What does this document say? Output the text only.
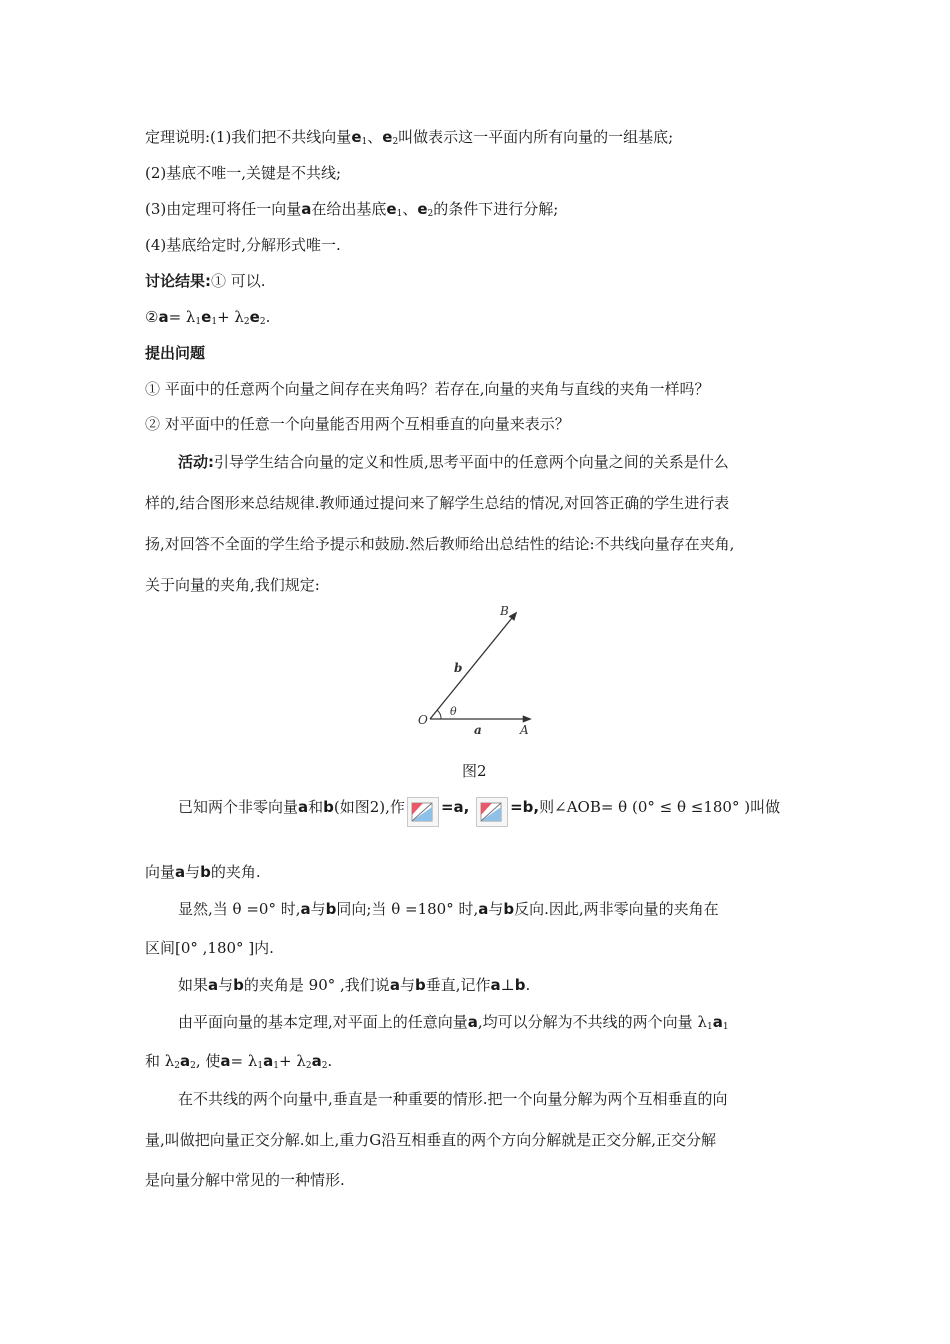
定理说明:(1)我们把不共线向量$e_1$、$e_2$叫做表示这一平面内所有向量的一组基底;
(2)基底不唯一,关键是不共线;
(3)由定理可将任一向量a在给出基底$e_1$、$e_2$的条件下进行分解;
(4)基底给定时,分解形式唯一.
讨论结果:① 可以.
②a= $\lambda_1e_1+ \lambda_2e_2$.
提出问题
① 平面中的任意两个向量之间存在夹角吗？若存在,向量的夹角与直线的夹角一样吗？
② 对平面中的任意一个向量能否用两个互相垂直的向量来表示？
活动:引导学生结合向量的定义和性质,思考平面中的任意两个向量之间的关系是什么
样的,结合图形来总结规律.教师通过提问来了解学生总结的情况,对回答正确的学生进行表
扬,对回答不全面的学生给予提示和鼓励.然后教师给出总结性的结论:不共线向量存在夹角,
关于向量的夹角,我们规定:
B
b
θ
O
a	A
图2
已知两个非零向量a和b(如图2),作 =a,	=b,则∠AOB= θ (0° ≤ θ ≤180° )叫做
向量a与b的夹角.
显然,当 θ =0° 时,a与b同向;当 θ =180° 时,a与b反向.因此,两非零向量的夹角在
区间[0° ,180° ]内.
如果a与b的夹角是 90° ,我们说a与b垂直,记作a⊥b.
由平面向量的基本定理,对平面上的任意向量a,均可以分解为不共线的两个向量 $\lambda_1a_1$
和 $\lambda_2a_2$, 使$a= \lambda_1a_1+ \lambda_2a_2$.
在不共线的两个向量中,垂直是一种重要的情形.把一个向量分解为两个互相垂直的向
量,叫做把向量正交分解.如上,重力G沿互相垂直的两个方向分解就是正交分解,正交分解
是向量分解中常见的一种情形.
